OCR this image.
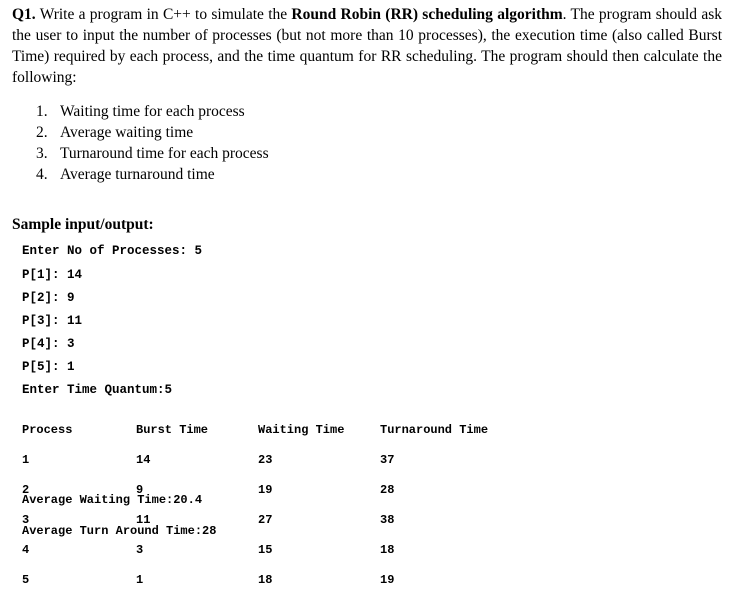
Q1. Write a program in C++ to simulate the Round Robin (RR) scheduling algorithm. The program should ask the user to input the number of processes (but not more than 10 processes), the execution time (also called Burst Time) required by each process, and the time quantum for RR scheduling. The program should then calculate the following:
1. Waiting time for each process
2. Average waiting time
3. Turnaround time for each process
4. Average turnaround time
Sample input/output:
Enter No of Processes: 5
P[1]: 14
P[2]: 9
P[3]: 11
P[4]: 3
P[5]: 1
Enter Time Quantum:5

Process

1

2

3

4

5

Burst Time

14

9

11

3

1

Waiting Time

23

19

27

15

18

Turnaround Time

37

28

38

18

19

Average Waiting Time:20.4

Average Turn Around Time:28
